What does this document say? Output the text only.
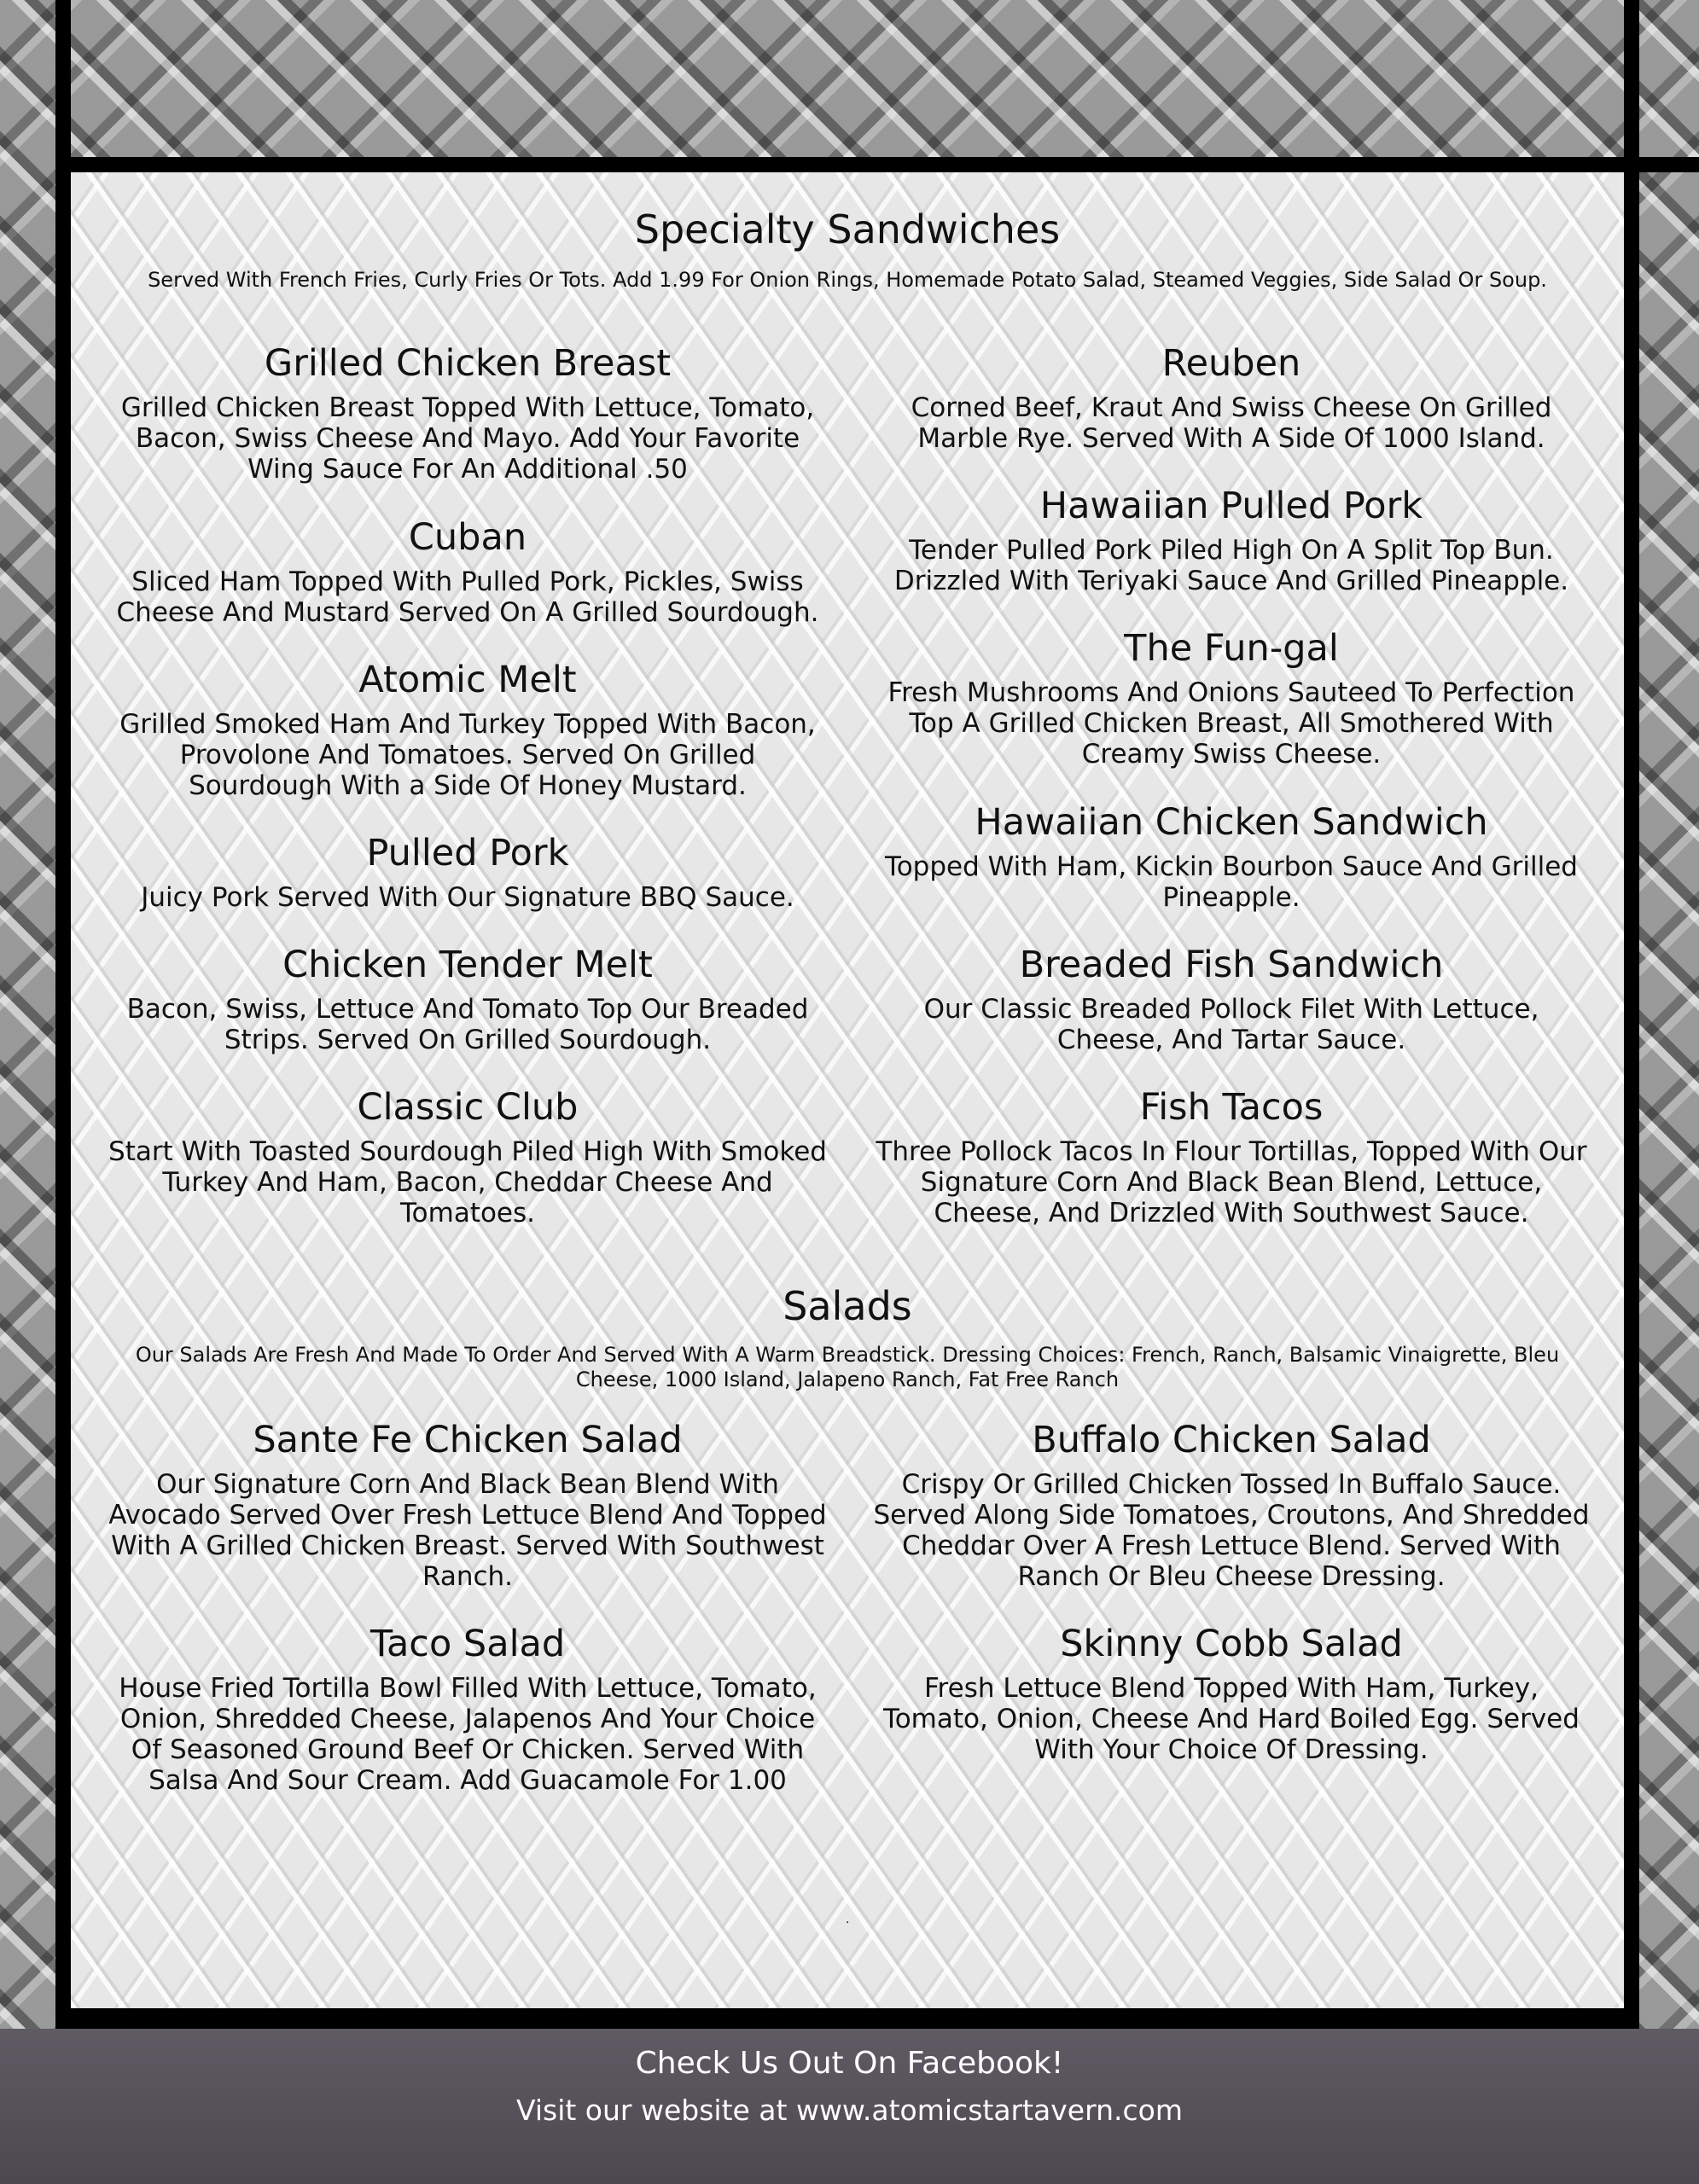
Specialty Sandwiches

Served With French Fries, Curly Fries Or Tots. Add 1.99 For Onion Rings, Homemade Potato Salad, Steamed Veggies, Side Salad Or Soup.

Grilled Chicken Breast

Grilled Chicken Breast Topped With Lettuce, Tomato, Bacon, Swiss Cheese And Mayo. Add Your Favorite Wing Sauce For An Additional .50

Cuban

Sliced Ham Topped With Pulled Pork, Pickles, Swiss Cheese And Mustard Served On A Grilled Sourdough.

Atomic Melt

Grilled Smoked Ham And Turkey Topped With Bacon, Provolone And Tomatoes. Served On Grilled Sourdough With a Side Of Honey Mustard.

Pulled Pork

Juicy Pork Served With Our Signature BBQ Sauce.

Chicken Tender Melt

Bacon, Swiss, Lettuce And Tomato Top Our Breaded Strips. Served On Grilled Sourdough.

Classic Club

Start With Toasted Sourdough Piled High With Smoked Turkey And Ham, Bacon, Cheddar Cheese And Tomatoes.

Reuben

Corned Beef, Kraut And Swiss Cheese On Grilled Marble Rye. Served With A Side Of 1000 Island.

Hawaiian Pulled Pork

Tender Pulled Pork Piled High On A Split Top Bun. Drizzled With Teriyaki Sauce And Grilled Pineapple.

The Fun-gal

Fresh Mushrooms And Onions Sauteed To Perfection Top A Grilled Chicken Breast, All Smothered With Creamy Swiss Cheese.

Hawaiian Chicken Sandwich

Topped With Ham, Kickin Bourbon Sauce And Grilled Pineapple.

Breaded Fish Sandwich

Our Classic Breaded Pollock Filet With Lettuce, Cheese, And Tartar Sauce.

Fish Tacos

Three Pollock Tacos In Flour Tortillas, Topped With Our Signature Corn And Black Bean Blend, Lettuce, Cheese, And Drizzled With Southwest Sauce.

Salads

Our Salads Are Fresh And Made To Order And Served With A Warm Breadstick. Dressing Choices: French, Ranch, Balsamic Vinaigrette, Bleu Cheese, 1000 Island, Jalapeno Ranch, Fat Free Ranch

Sante Fe Chicken Salad

Our Signature Corn And Black Bean Blend With Avocado Served Over Fresh Lettuce Blend And Topped With A Grilled Chicken Breast. Served With Southwest Ranch.

Taco Salad

House Fried Tortilla Bowl Filled With Lettuce, Tomato, Onion, Shredded Cheese, Jalapenos And Your Choice Of Seasoned Ground Beef Or Chicken. Served With Salsa And Sour Cream. Add Guacamole For 1.00

Buffalo Chicken Salad

Crispy Or Grilled Chicken Tossed In Buffalo Sauce. Served Along Side Tomatoes, Croutons, And Shredded Cheddar Over A Fresh Lettuce Blend. Served With Ranch Or Bleu Cheese Dressing.

Skinny Cobb Salad

Fresh Lettuce Blend Topped With Ham, Turkey, Tomato, Onion, Cheese And Hard Boiled Egg. Served With Your Choice Of Dressing.

.

Check Us Out On Facebook!

Visit our website at www.atomicstartavern.com
